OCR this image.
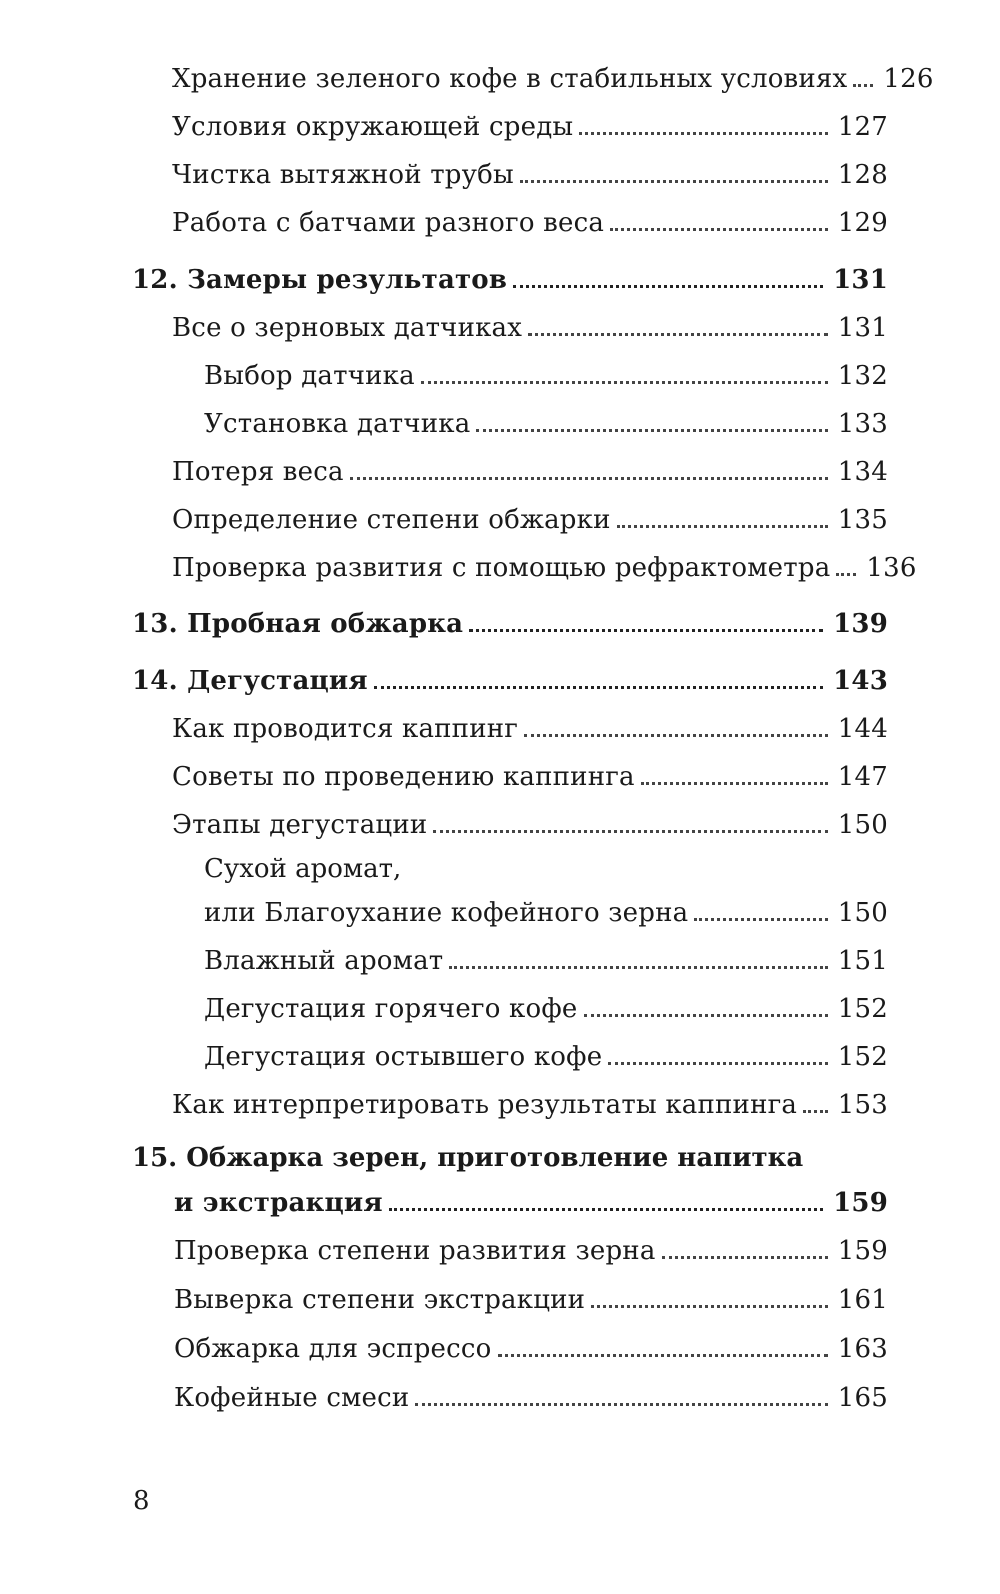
Хранение зеленого кофе в стабильных условиях 126
Условия окружающей среды	127
Чистка вытяжной трубы	128
Работа с батчами разного веса	129
12. Замеры результатов	131
Все о зерновых датчиках	131
Выбор датчика	132
Установка датчика	133
Потеря веса	134
Определение степени обжарки	135
Проверка развития с помощью рефрактометра 136
13. Пробная обжарка	139
14. Дегустация	143
Как проводится каппинг	144
Советы по проведению каппинга	147
Этапы дегустации	150
Сухой аромат,
или Благоухание кофейного зерна	150
Влажный аромат	151
Дегустация горячего кофе	152
Дегустация остывшего кофе	152
Как интерпретировать результаты каппинга 153
15. Обжарка зерен, приготовление напитка
и экстракция	159
Проверка степени развития зерна	159
Выверка степени экстракции	161
Обжарка для эспрессо	163
Кофейные смеси	165
8
